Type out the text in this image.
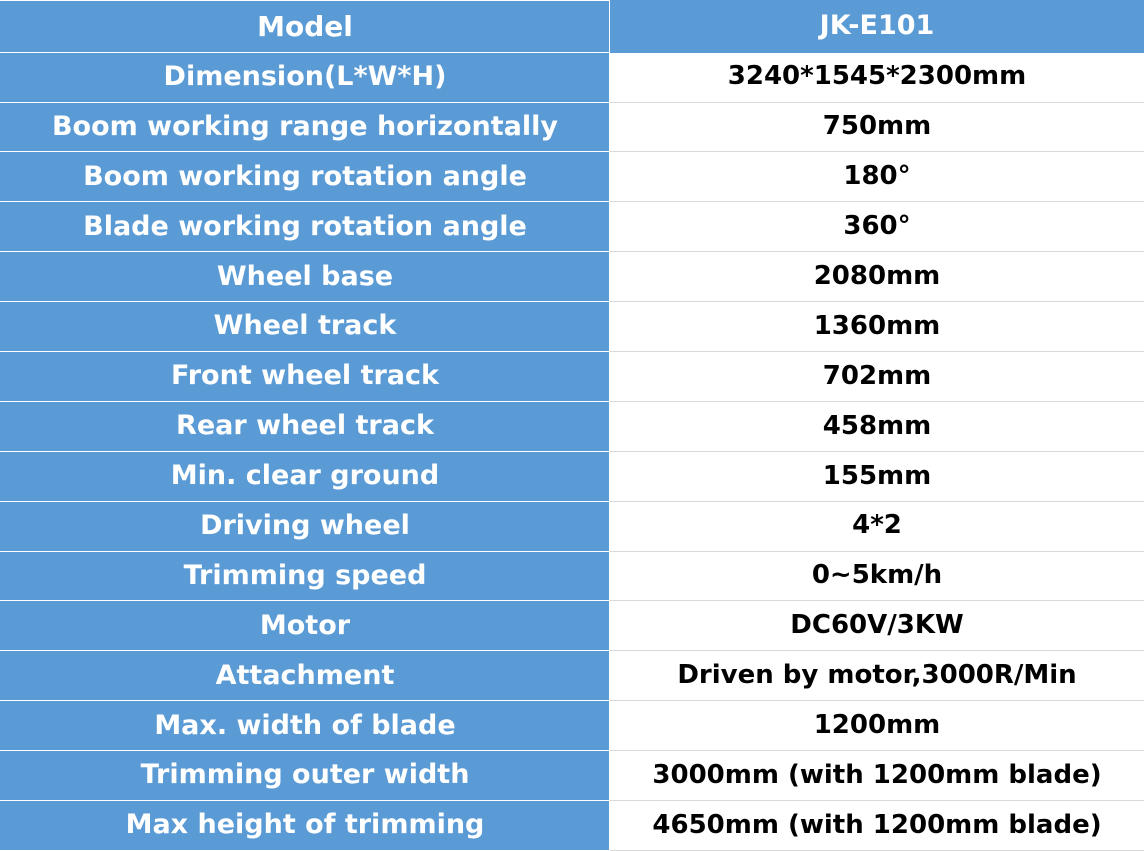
Model	JK-E101
Dimension(L*W*H)	3240*1545*2300mm
Boom working range horizontally	750mm
Boom working rotation angle	180°
Blade working rotation angle	360°
Wheel base	2080mm
Wheel track	1360mm
Front wheel track	702mm
Rear wheel track	458mm
Min. clear ground	155mm
Driving wheel	4*2
Trimming speed	0~5km/h
Motor	DC60V/3KW
Attachment	Driven by motor,3000R/Min
Max. width of blade	1200mm
Trimming outer width	3000mm (with 1200mm blade)
Max height of trimming	4650mm (with 1200mm blade)
